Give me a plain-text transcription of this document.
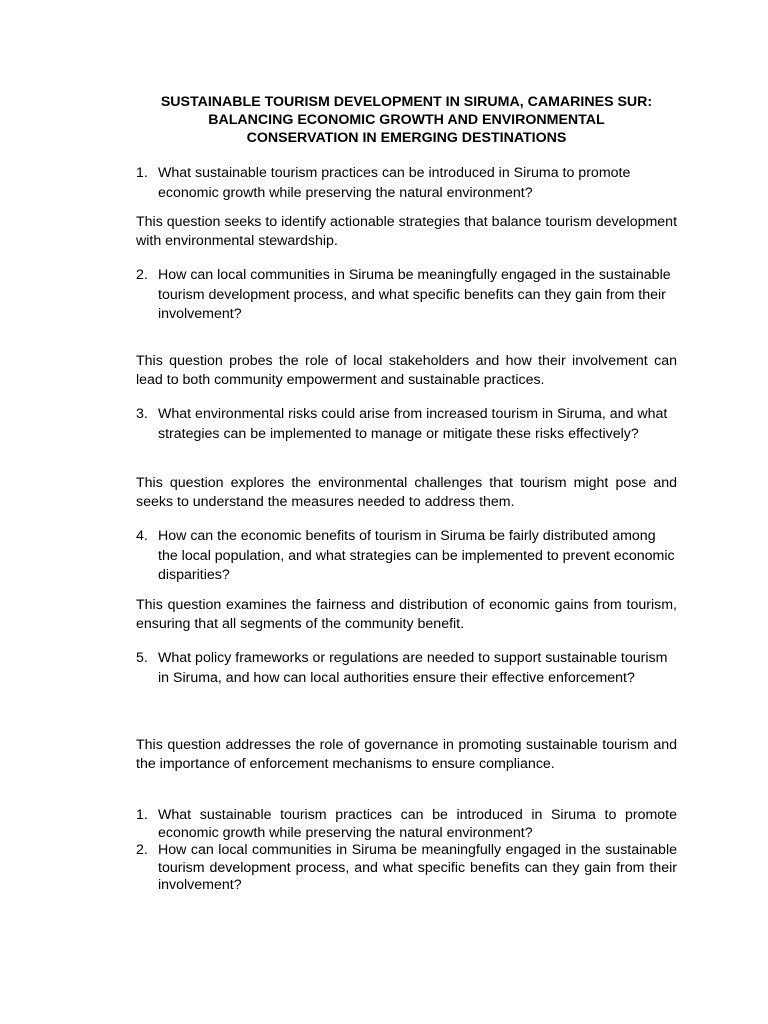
SUSTAINABLE TOURISM DEVELOPMENT IN SIRUMA, CAMARINES SUR:
BALANCING ECONOMIC GROWTH AND ENVIRONMENTAL
CONSERVATION IN EMERGING DESTINATIONS
1. What sustainable tourism practices can be introduced in Siruma to promote economic growth while preserving the natural environment?
This question seeks to identify actionable strategies that balance tourism development with environmental stewardship.
2. How can local communities in Siruma be meaningfully engaged in the sustainable tourism development process, and what specific benefits can they gain from their involvement?
This question probes the role of local stakeholders and how their involvement can lead to both community empowerment and sustainable practices.
3. What environmental risks could arise from increased tourism in Siruma, and what strategies can be implemented to manage or mitigate these risks effectively?
This question explores the environmental challenges that tourism might pose and seeks to understand the measures needed to address them.
4. How can the economic benefits of tourism in Siruma be fairly distributed among the local population, and what strategies can be implemented to prevent economic disparities?
This question examines the fairness and distribution of economic gains from tourism, ensuring that all segments of the community benefit.
5. What policy frameworks or regulations are needed to support sustainable tourism in Siruma, and how can local authorities ensure their effective enforcement?
This question addresses the role of governance in promoting sustainable tourism and the importance of enforcement mechanisms to ensure compliance.
1. What sustainable tourism practices can be introduced in Siruma to promote economic growth while preserving the natural environment?
2. How can local communities in Siruma be meaningfully engaged in the sustainable tourism development process, and what specific benefits can they gain from their involvement?
